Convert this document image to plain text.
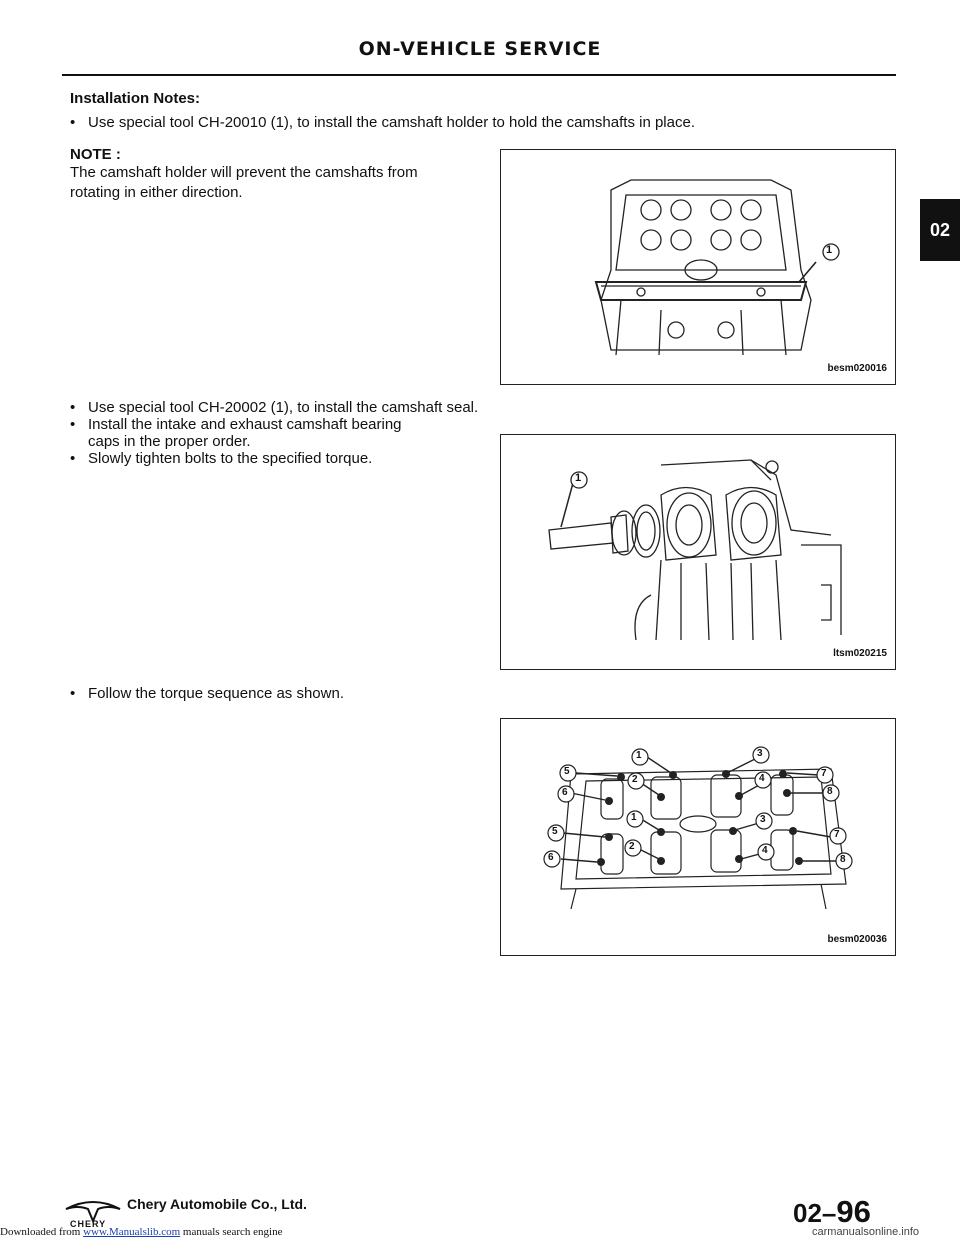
ON-VEHICLE SERVICE
02
Installation Notes:
• Use special tool CH-20010 (1), to install the camshaft holder to hold the camshafts in place.
NOTE :
The camshaft holder will prevent the camshafts from
rotating in either direction.
1
besm020016
• Use special tool CH-20002 (1), to install the camshaft seal.
• Install the intake and exhaust camshaft bearing
caps in the proper order.
• Slowly tighten bolts to the specified torque.
1
ltsm020215
• Follow the torque sequence as shown.
1	3
5
2	4	7
6	8
1	3
5	7
2	4
6	8
besm020036
CHERY
Chery Automobile Co., Ltd.	02–96
Downloaded from www.Manualslib.com manuals search engine	carmanualsonline.info
